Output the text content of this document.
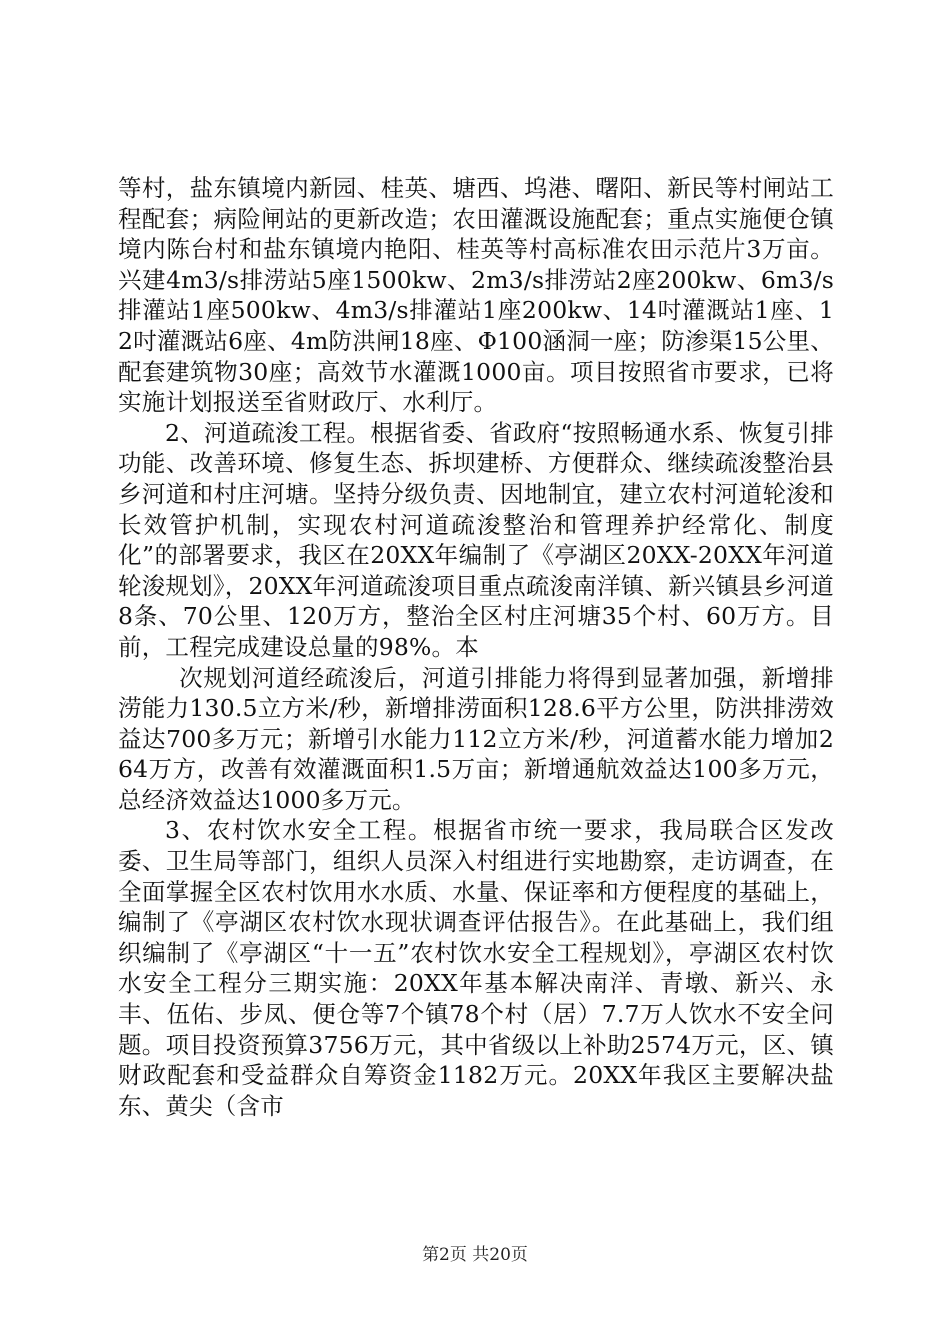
等村，盐东镇境内新园、桂英、塘西、坞港、曙阳、新民等村闸站工程配套；病险闸站的更新改造；农田灌溉设施配套；重点实施便仓镇境内陈台村和盐东镇境内艳阳、桂英等村高标准农田示范片3万亩。兴建4m3/s排涝站5座1500kw、2m3/s排涝站2座200kw、6m3/s排灌站1座500kw、4m3/s排灌站1座200kw、14吋灌溉站1座、12吋灌溉站6座、4m防洪闸18座、Φ100涵洞一座；防渗渠15公里、配套建筑物30座；高效节水灌溉1000亩。项目按照省市要求，已将实施计划报送至省财政厅、水利厅。

2、河道疏浚工程。根据省委、省政府“按照畅通水系、恢复引排功能、改善环境、修复生态、拆坝建桥、方便群众、继续疏浚整治县乡河道和村庄河塘。坚持分级负责、因地制宜，建立农村河道轮浚和长效管护机制，实现农村河道疏浚整治和管理养护经常化、制度化”的部署要求，我区在20XX年编制了《亭湖区20XX-20XX年河道轮浚规划》，20XX年河道疏浚项目重点疏浚南洋镇、新兴镇县乡河道8条、70公里、120万方，整治全区村庄河塘35个村、60万方。目前，工程完成建设总量的98%。本

次规划河道经疏浚后，河道引排能力将得到显著加强，新增排涝能力130.5立方米/秒，新增排涝面积128.6平方公里，防洪排涝效益达700多万元；新增引水能力112立方米/秒，河道蓄水能力增加264万方，改善有效灌溉面积1.5万亩；新增通航效益达100多万元，总经济效益达1000多万元。

3、农村饮水安全工程。根据省市统一要求，我局联合区发改委、卫生局等部门，组织人员深入村组进行实地勘察，走访调查，在全面掌握全区农村饮用水水质、水量、保证率和方便程度的基础上，编制了《亭湖区农村饮水现状调查评估报告》。在此基础上，我们组织编制了《亭湖区“十一五”农村饮水安全工程规划》，亭湖区农村饮水安全工程分三期实施：20XX年基本解决南洋、青墩、新兴、永丰、伍佑、步凤、便仓等7个镇78个村（居）7.7万人饮水不安全问题。项目投资预算3756万元，其中省级以上补助2574万元，区、镇财政配套和受益群众自筹资金1182万元。20XX年我区主要解决盐东、黄尖（含市

第2页 共20页
